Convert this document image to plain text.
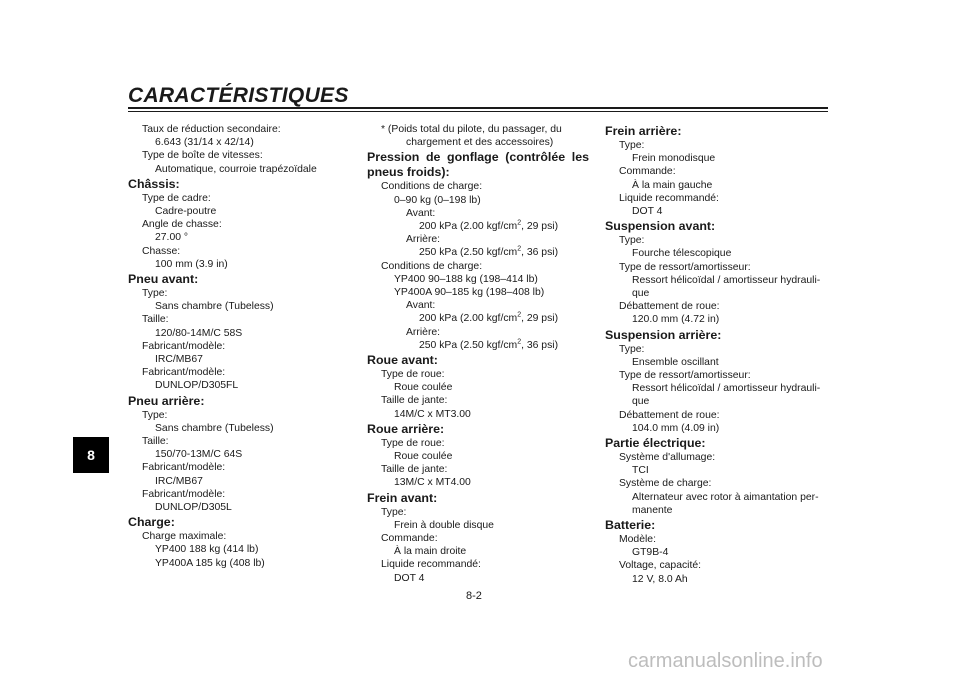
CARACTÉRISTIQUES
8
Taux de réduction secondaire:
6.643 (31/14 x 42/14)
Type de boîte de vitesses:
Automatique, courroie trapézoïdale
Châssis:
Type de cadre:
Cadre-poutre
Angle de chasse:
27.00 °
Chasse:
100 mm (3.9 in)
Pneu avant:
Type:
Sans chambre (Tubeless)
Taille:
120/80-14M/C 58S
Fabricant/modèle:
IRC/MB67
Fabricant/modèle:
DUNLOP/D305FL
Pneu arrière:
Type:
Sans chambre (Tubeless)
Taille:
150/70-13M/C 64S
Fabricant/modèle:
IRC/MB67
Fabricant/modèle:
DUNLOP/D305L
Charge:
Charge maximale:
YP400 188 kg (414 lb)
YP400A 185 kg (408 lb)
* (Poids total du pilote, du passager, du
chargement et des accessoires)
Pression de gonflage (contrôlée les pneus froids):
Conditions de charge:
0–90 kg (0–198 lb)
Avant:
200 kPa (2.00 kgf/$cm^2$, 29 psi)
Arrière:
250 kPa (2.50 kgf/$cm^2$, 36 psi)
Conditions de charge:
YP400 90–188 kg (198–414 lb)
YP400A 90–185 kg (198–408 lb)
Avant:
200 kPa (2.00 kgf/$cm^2$, 29 psi)
Arrière:
250 kPa (2.50 kgf/$cm^2$, 36 psi)
Roue avant:
Type de roue:
Roue coulée
Taille de jante:
14M/C x MT3.00
Roue arrière:
Type de roue:
Roue coulée
Taille de jante:
13M/C x MT4.00
Frein avant:
Type:
Frein à double disque
Commande:
À la main droite
Liquide recommandé:
DOT 4
Frein arrière:
Type:
Frein monodisque
Commande:
À la main gauche
Liquide recommandé:
DOT 4
Suspension avant:
Type:
Fourche télescopique
Type de ressort/amortisseur:
Ressort hélicoïdal / amortisseur hydrauli-
que
Débattement de roue:
120.0 mm (4.72 in)
Suspension arrière:
Type:
Ensemble oscillant
Type de ressort/amortisseur:
Ressort hélicoïdal / amortisseur hydrauli-
que
Débattement de roue:
104.0 mm (4.09 in)
Partie électrique:
Système d'allumage:
TCI
Système de charge:
Alternateur avec rotor à aimantation per-
manente
Batterie:
Modèle:
GT9B-4
Voltage, capacité:
12 V, 8.0 Ah
8-2
carmanualsonline.info
